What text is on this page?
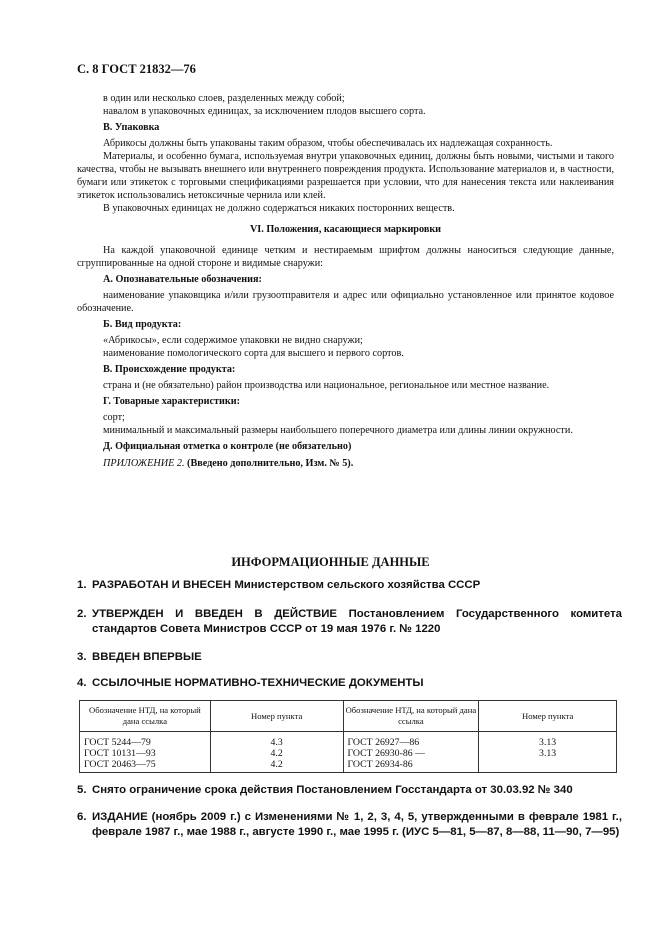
С. 8 ГОСТ 21832—76

в один или несколько слоев, разделенных между собой;

навалом в упаковочных единицах, за исключением плодов высшего сорта.

В. Упаковка

Абрикосы должны быть упакованы таким образом, чтобы обеспечивалась их надлежащая сохранность.

Материалы, и особенно бумага, используемая внутри упаковочных единиц, должны быть новыми, чистыми и такого качества, чтобы не вызывать внешнего или внутреннего повреждения продукта. Использование материалов и, в частности, бумаги или этикеток с торговыми спецификациями разрешается при условии, что для нанесения текста или наклеивания этикеток использовались нетоксичные чернила или клей.

В упаковочных единицах не должно содержаться никаких посторонних веществ.

VI. Положения, касающиеся маркировки

На каждой упаковочной единице четким и нестираемым шрифтом должны наноситься следующие данные, сгруппированные на одной стороне и видимые снаружи:

А. Опознавательные обозначения:

наименование упаковщика и/или грузоотправителя и адрес или официально установленное или принятое кодовое обозначение.

Б. Вид продукта:

«Абрикосы», если содержимое упаковки не видно снаружи;

наименование помологического сорта для высшего и первого сортов.

В. Происхождение продукта:

страна и (не обязательно) район производства или национальное, региональное или местное название.

Г. Товарные характеристики:

сорт;

минимальный и максимальный размеры наибольшего поперечного диаметра или длины линии окружности.

Д. Официальная отметка о контроле (не обязательно)
ПРИЛОЖЕНИЕ 2. (Введено дополнительно, Изм. № 5).
ИНФОРМАЦИОННЫЕ ДАННЫЕ
1. РАЗРАБОТАН И ВНЕСЕН Министерством сельского хозяйства СССР
2. УТВЕРЖДЕН И ВВЕДЕН В ДЕЙСТВИЕ Постановлением Государственного комитета стандартов Совета Министров СССР от 19 мая 1976 г. № 1220
3. ВВЕДЕН ВПЕРВЫЕ
4. ССЫЛОЧНЫЕ НОРМАТИВНО-ТЕХНИЧЕСКИЕ ДОКУМЕНТЫ
Обозначение НТД, на который дана ссылка	Номер пункта	Обозначение НТД, на который дана ссылка	Номер пункта
ГОСТ 5244—79	4.3	ГОСТ 26927—86	3.13
ГОСТ 10131—93	4.2	ГОСТ 26930-86 —	3.13
ГОСТ 20463—75	4.2	ГОСТ 26934-86	
5. Снято ограничение срока действия Постановлением Госстандарта от 30.03.92 № 340
6. ИЗДАНИЕ (ноябрь 2009 г.) с Изменениями № 1, 2, 3, 4, 5, утвержденными в феврале 1981 г., феврале 1987 г., мае 1988 г., августе 1990 г., мае 1995 г. (ИУС 5—81, 5—87, 8—88, 11—90, 7—95)
